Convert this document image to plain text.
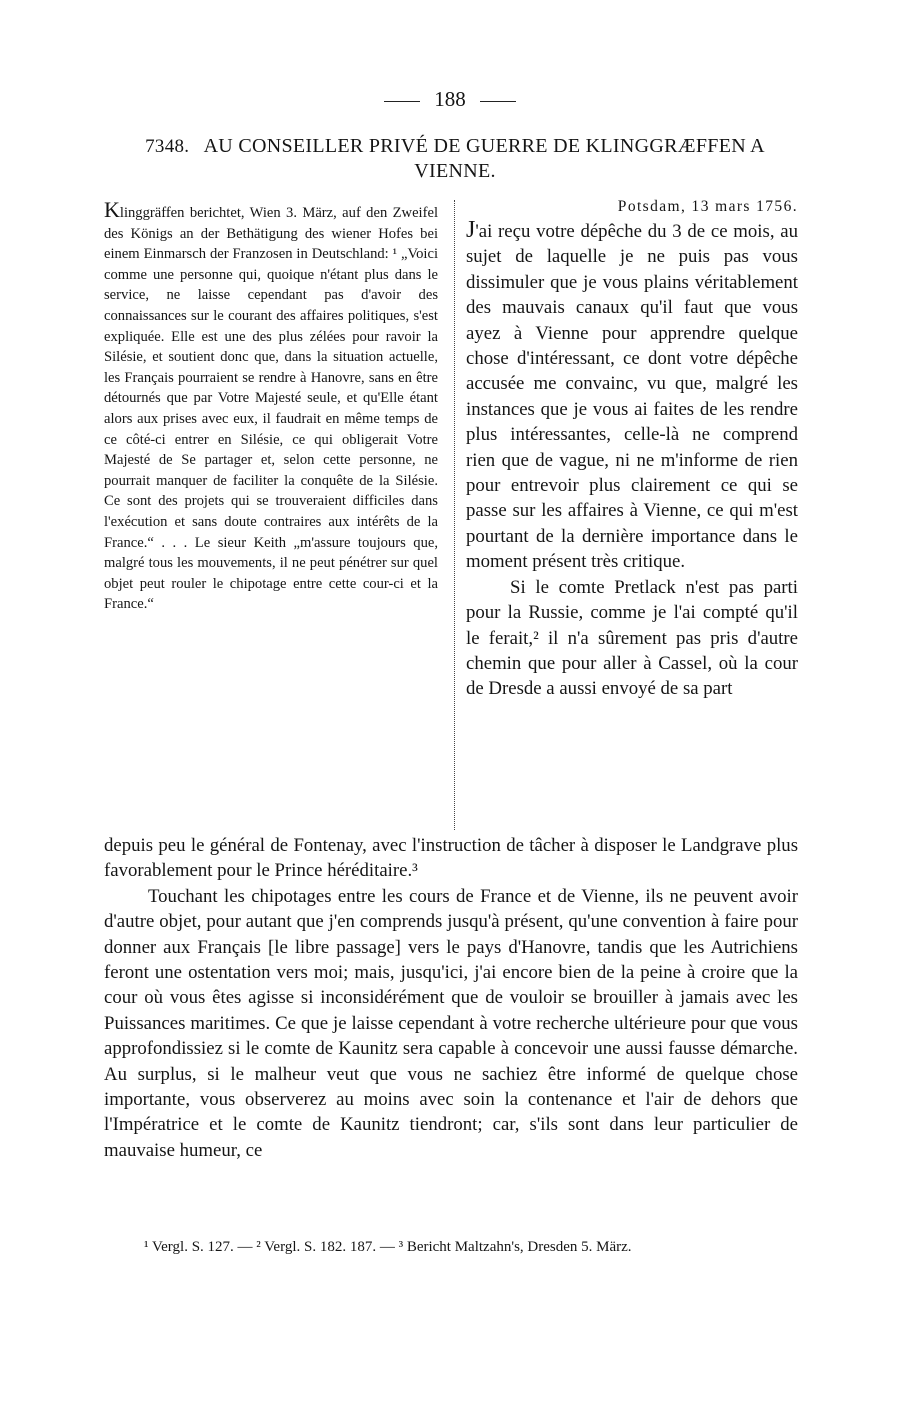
188
7348. AU CONSEILLER PRIVÉ DE GUERRE DE KLINGGRÆFFEN A VIENNE.
Klinggräffen berichtet, Wien 3. März, auf den Zweifel des Königs an der Bethätigung des wiener Hofes bei einem Einmarsch der Franzosen in Deutschland: ¹ „Voici comme une personne qui, quoique n'étant plus dans le service, ne laisse cependant pas d'avoir des connaissances sur le courant des affaires politiques, s'est expliquée. Elle est une des plus zélées pour ravoir la Silésie, et soutient donc que, dans la situation actuelle, les Français pourraient se rendre à Hanovre, sans en être détournés que par Votre Majesté seule, et qu'Elle étant alors aux prises avec eux, il faudrait en même temps de ce côté-ci entrer en Silésie, ce qui obligerait Votre Majesté de Se partager et, selon cette personne, ne pourrait manquer de faciliter la conquête de la Silésie. Ce sont des projets qui se trouveraient difficiles dans l'exécution et sans doute contraires aux intérêts de la France.“ . . . Le sieur Keith „m'assure toujours que, malgré tous les mouvements, il ne peut pénétrer sur quel objet peut rouler le chipotage entre cette cour-ci et la France.“
Potsdam, 13 mars 1756.

J'ai reçu votre dépêche du 3 de ce mois, au sujet de laquelle je ne puis pas vous dissimuler que je vous plains véritablement des mauvais canaux qu'il faut que vous ayez à Vienne pour apprendre quelque chose d'intéressant, ce dont votre dépêche accusée me convainc, vu que, malgré les instances que je vous ai faites de les rendre plus intéressantes, celle-là ne comprend rien que de vague, ni ne m'informe de rien pour entrevoir plus clairement ce qui se passe sur les affaires à Vienne, ce qui m'est pourtant de la dernière importance dans le moment présent très critique.

Si le comte Pretlack n'est pas parti pour la Russie, comme je l'ai compté qu'il le ferait,² il n'a sûrement pas pris d'autre chemin que pour aller à Cassel, où la cour de Dresde a aussi envoyé de sa part

depuis peu le général de Fontenay, avec l'instruction de tâcher à disposer le Landgrave plus favorablement pour le Prince héréditaire.³

Touchant les chipotages entre les cours de France et de Vienne, ils ne peuvent avoir d'autre objet, pour autant que j'en comprends jusqu'à présent, qu'une convention à faire pour donner aux Français [le libre passage] vers le pays d'Hanovre, tandis que les Autrichiens feront une ostentation vers moi; mais, jusqu'ici, j'ai encore bien de la peine à croire que la cour où vous êtes agisse si inconsidérément que de vouloir se brouiller à jamais avec les Puissances maritimes. Ce que je laisse cependant à votre recherche ultérieure pour que vous approfondissiez si le comte de Kaunitz sera capable à concevoir une aussi fausse démarche. Au surplus, si le malheur veut que vous ne sachiez être informé de quelque chose importante, vous observerez au moins avec soin la contenance et l'air de dehors que l'Impératrice et le comte de Kaunitz tiendront; car, s'ils sont dans leur particulier de mauvaise humeur, ce

¹ Vergl. S. 127. — ² Vergl. S. 182. 187. — ³ Bericht Maltzahn's, Dresden 5. März.
